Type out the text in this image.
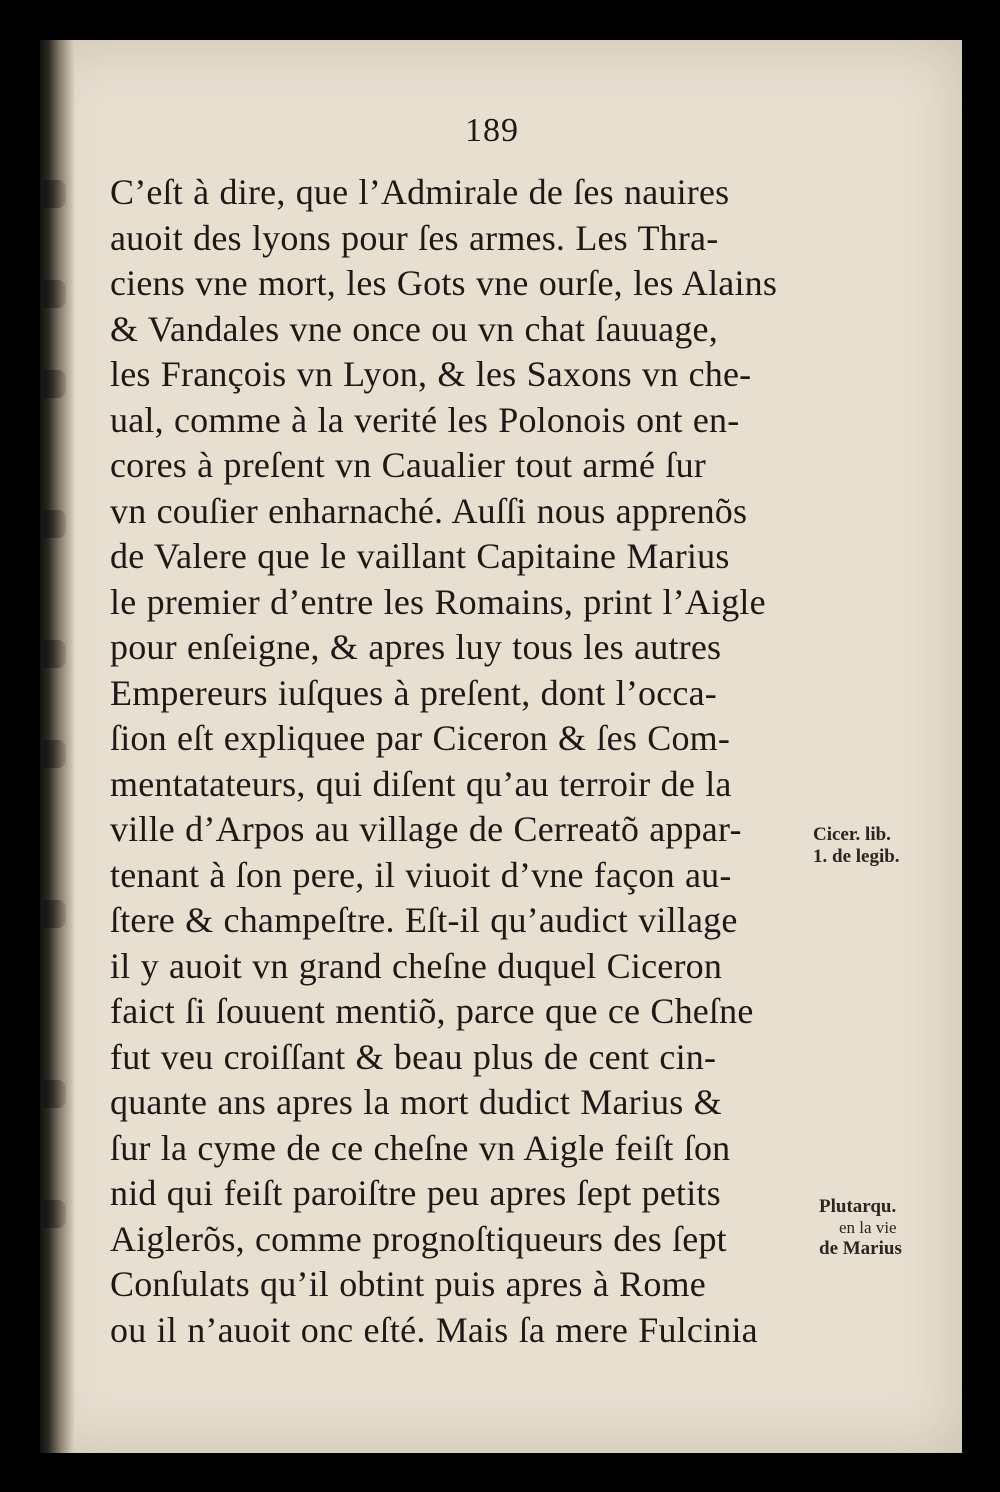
189
C’eſt à dire, que l’Admirale de ſes nauires
auoit des lyons pour ſes armes. Les Thra-
ciens vne mort, les Gots vne ourſe, les Alains
& Vandales vne once ou vn chat ſauuage,
les François vn Lyon, & les Saxons vn che-
ual, comme à la verité les Polonois ont en-
cores à preſent vn Caualier tout armé ſur
vn couſier enharnaché. Auſſi nous apprenõs
de Valere que le vaillant Capitaine Marius
le premier d’entre les Romains, print l’Aigle
pour enſeigne, & apres luy tous les autres
Empereurs iuſques à preſent, dont l’occa-
ſion eſt expliquee par Ciceron & ſes Com-
mentatateurs, qui diſent qu’au terroir de la
ville d’Arpos au village de Cerreatõ appar-
tenant à ſon pere, il viuoit d’vne façon au-
ſtere & champeſtre. Eſt-il qu’audict village
il y auoit vn grand cheſne duquel Ciceron
faict ſi ſouuent mentiõ, parce que ce Cheſne
fut veu croiſſant & beau plus de cent cin-
quante ans apres la mort dudict Marius &
ſur la cyme de ce cheſne vn Aigle feiſt ſon
nid qui feiſt paroiſtre peu apres ſept petits
Aiglerõs, comme prognoſtiqueurs des ſept
Conſulats qu’il obtint puis apres à Rome
ou il n’auoit onc eſté. Mais ſa mere Fulcinia
Cicer. lib.
1. de legib.
Plutarqu.
en la vie
de Marius
